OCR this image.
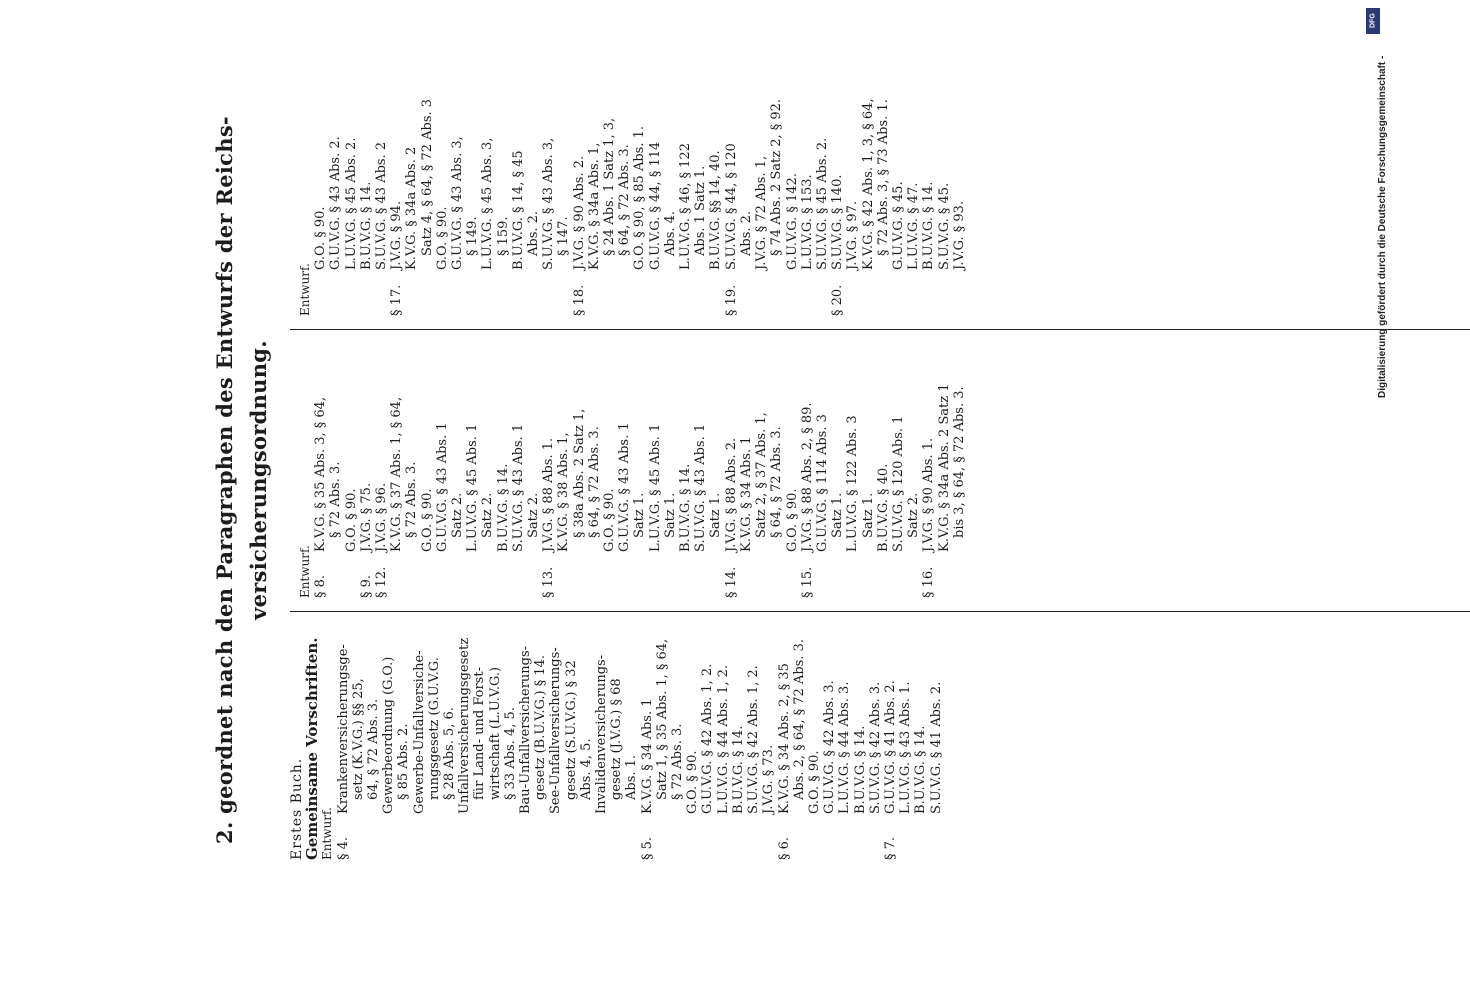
2. geordnet nach den Paragraphen des Entwurfs der Reichs- versicherungsordnung.
Erstes Buch.
Gemeinsame Vorschriften. Entwurf. § 4.
Krankenversicherungsge- setz (K.V.G.) §§ 25, 64, § 72 Abs. 3. Gewerbeordnung (G.O.) § 85 Abs. 2. Gewerbe-Unfallversiche- rungsgesetz (G.U.V.G. § 28 Abs. 5, 6. Unfallversicherungsgesetz für Land- und Forst- wirtschaft (L.U.V.G.) § 33 Abs. 4, 5. Bau-Unfallversicherungs- gesetz (B.U.V.G.) § 14. See-Unfallversicherungs- gesetz (S.U.V.G.) § 32 Abs. 4, 5. Invalidenversicherungs- gesetz (J.V.G.) § 68 Abs. 1.
§ 5.
K.V.G. § 34 Abs. 1 Satz 1, § 35 Abs. 1, § 64, § 72 Abs. 3. G.O. § 90. G.U.V.G. § 42 Abs. 1, 2. L.U.V.G. § 44 Abs. 1, 2. B.U.V.G. § 14. S.U.V.G. § 42 Abs. 1, 2. J.V.G. § 73.
§ 6.
K.V.G. § 34 Abs. 2, § 35 Abs. 2, § 64, § 72 Abs. 3. G.O. § 90. G.U.V.G. § 42 Abs. 3. L.U.V.G. § 44 Abs. 3. B.U.V.G. § 14. S.U.V.G. § 42 Abs. 3.
§ 7.
G.U.V.G. § 41 Abs. 2. L.U.V.G. § 43 Abs. 1. B.U.V.G. § 14. S.U.V.G. § 41 Abs. 2.
Entwurf. § 8.
K.V.G. § 35 Abs. 3, § 64, § 72 Abs. 3. G.O. § 90.
§ 9.
J.V.G. § 75.
§ 12.
J.V.G. § 96. K.V.G. § 37 Abs. 1, § 64, § 72 Abs. 3. G.O. § 90. G.U.V.G. § 43 Abs. 1 Satz 2. L.U.V.G. § 45 Abs. 1 Satz 2. B.U.V.G. § 14. S.U.V.G. § 43 Abs. 1 Satz 2.
§ 13.
J.V.G. § 88 Abs. 1. K.V.G. § 38 Abs. 1, § 38a Abs. 2 Satz 1, § 64, § 72 Abs. 3. G.O. § 90. G.U.V.G. § 43 Abs. 1 Satz 1. L.U.V.G. § 45 Abs. 1 Satz 1. B.U.V.G. § 14. S.U.V.G. § 43 Abs. 1 Satz 1.
§ 14.
J.V.G. § 88 Abs. 2. K.V.G. § 34 Abs. 1 Satz 2, § 37 Abs. 1, § 64, § 72 Abs. 3. G.O. § 90.
§ 15.
J.V.G. § 88 Abs. 2, § 89. G.U.V.G. § 114 Abs. 3 Satz 1. L.U.V.G. § 122 Abs. 3 Satz 1. B.U.V.G. § 40. S.U.V.G. § 120 Abs. 1 Satz 2.
§ 16.
J.V.G. § 90 Abs. 1. K.V.G. § 34a Abs. 2 Satz 1 bis 3, § 64, § 72 Abs. 3.
Entwurf.
G.O. § 90. G.U.V.G. § 43 Abs. 2. L.U.V.G. § 45 Abs. 2. B.U.V.G. § 14. S.U.V.G. § 43 Abs. 2
§ 17.
J.V.G. § 94. K.V.G. § 34a Abs. 2 Satz 4, § 64, § 72 Abs. 3 G.O. § 90. G.U.V.G. § 43 Abs. 3, § 149. L.U.V.G. § 45 Abs. 3, § 159. B.U.V.G. § 14, § 45 Abs. 2. S.U.V.G. § 43 Abs. 3, § 147.
§ 18.
J.V.G. § 90 Abs. 2. K.V.G. § 34a Abs. 1, § 24 Abs. 1 Satz 1, 3, § 64, § 72 Abs. 3. G.O. § 90, § 85 Abs. 1. G.U.V.G. § 44, § 114 Abs. 4. L.U.V.G. § 46, § 122 Abs. 1 Satz 1. B.U.V.G. §§ 14, 40.
§ 19.
S.U.V.G. § 44, § 120 Abs. 2. J.V.G. § 72 Abs. 1, § 74 Abs. 2 Satz 2, § 92. G.U.V.G. § 142. L.U.V.G. § 153. S.U.V.G. § 45 Abs. 2.
§ 20.
S.U.V.G. § 140. J.V.G. § 97. K.V.G. § 42 Abs. 1, 3, § 64, § 72 Abs. 3, § 73 Abs. 1. G.U.V.G. § 45. L.U.V.G. § 47. B.U.V.G. § 14. S.U.V.G. § 45. J.V.G. § 93.	Digitalisierung gefördert durch die Deutsche Forschungsgemeinschaft -
DFG
